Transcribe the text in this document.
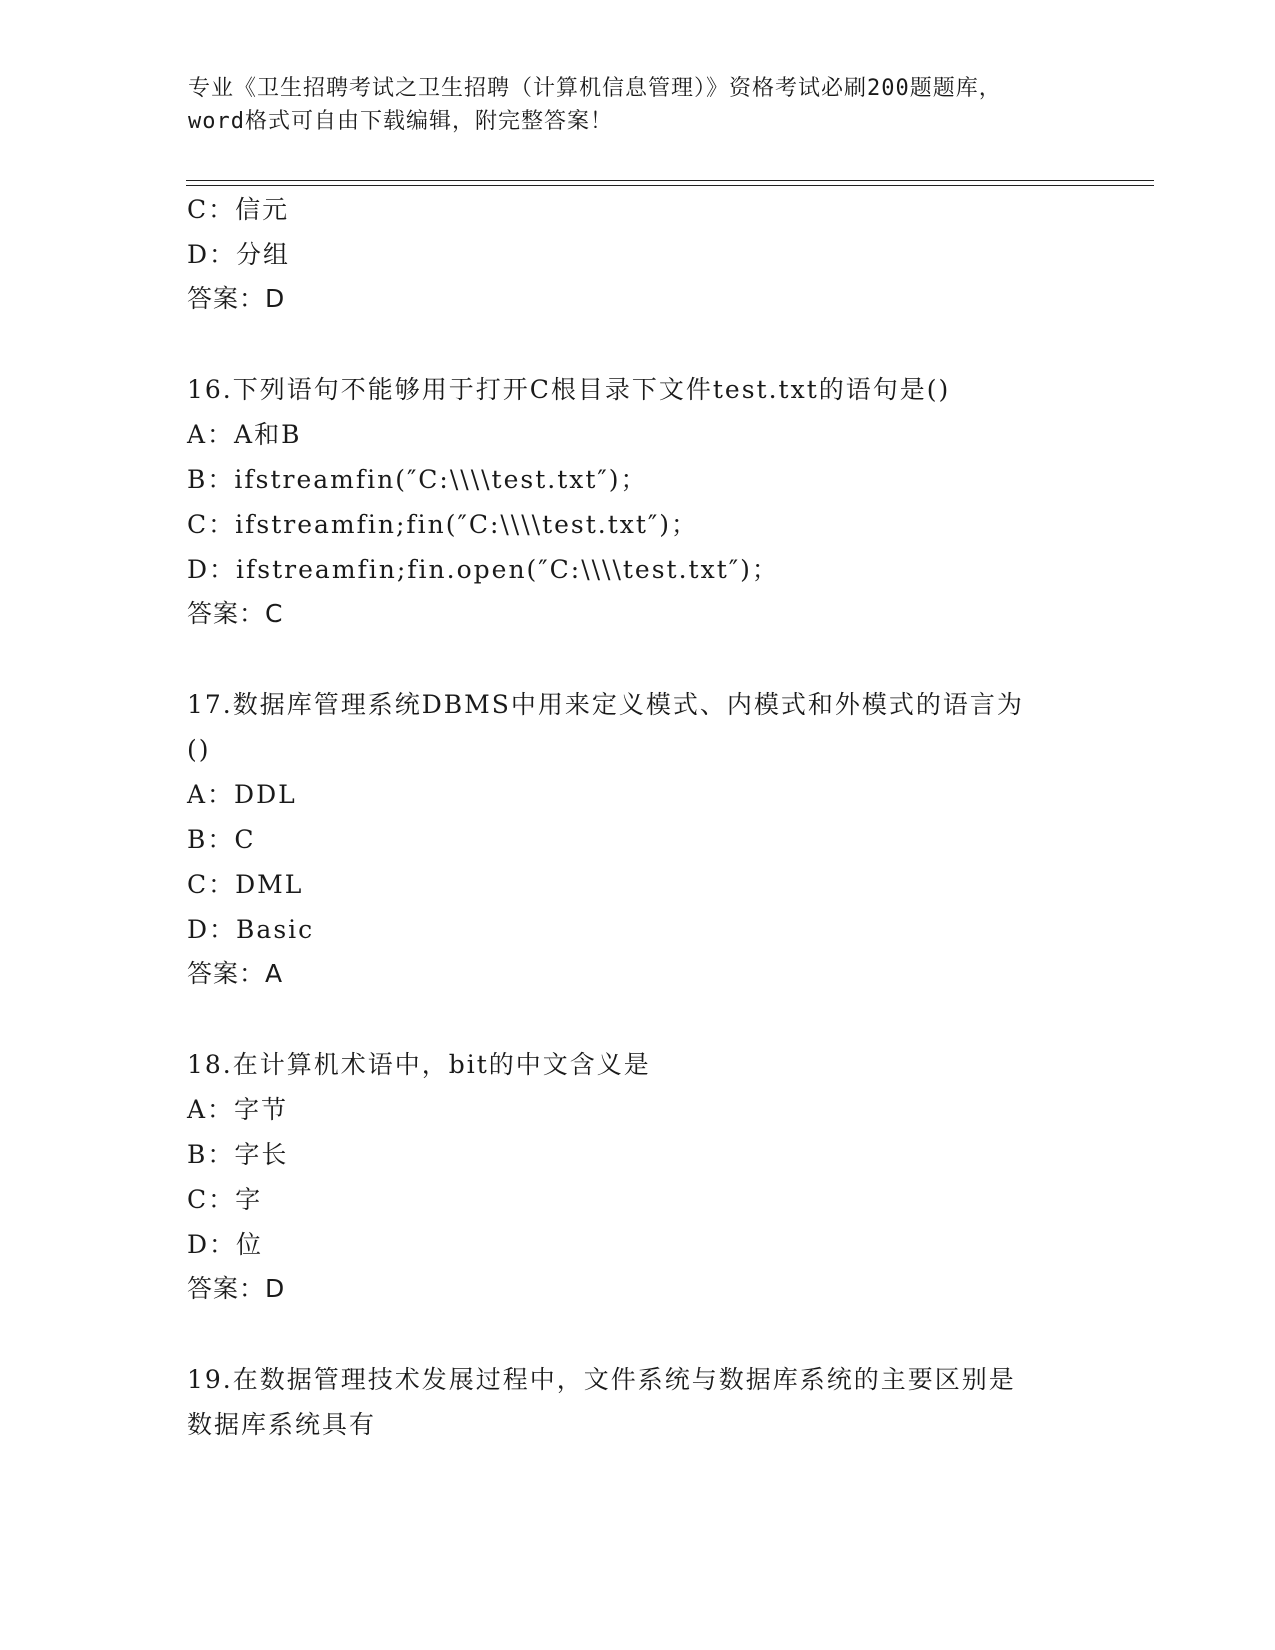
专业《卫生招聘考试之卫生招聘（计算机信息管理）》资格考试必刷200题题库，
word格式可自由下载编辑，附完整答案！
C：信元
D：分组
答案：D
16.下列语句不能够用于打开C根目录下文件test.txt的语句是()
A：A和B
B：ifstreamfin(″C:\\\\test.txt″)；
C：ifstreamfin;fin(″C:\\\\test.txt″)；
D：ifstreamfin;fin.open(″C:\\\\test.txt″)；
答案：C
17.数据库管理系统DBMS中用来定义模式、内模式和外模式的语言为
()
A：DDL
B：C
C：DML
D：Basic
答案：A
18.在计算机术语中，bit的中文含义是
A：字节
B：字长
C：字
D：位
答案：D
19.在数据管理技术发展过程中，文件系统与数据库系统的主要区别是
数据库系统具有
